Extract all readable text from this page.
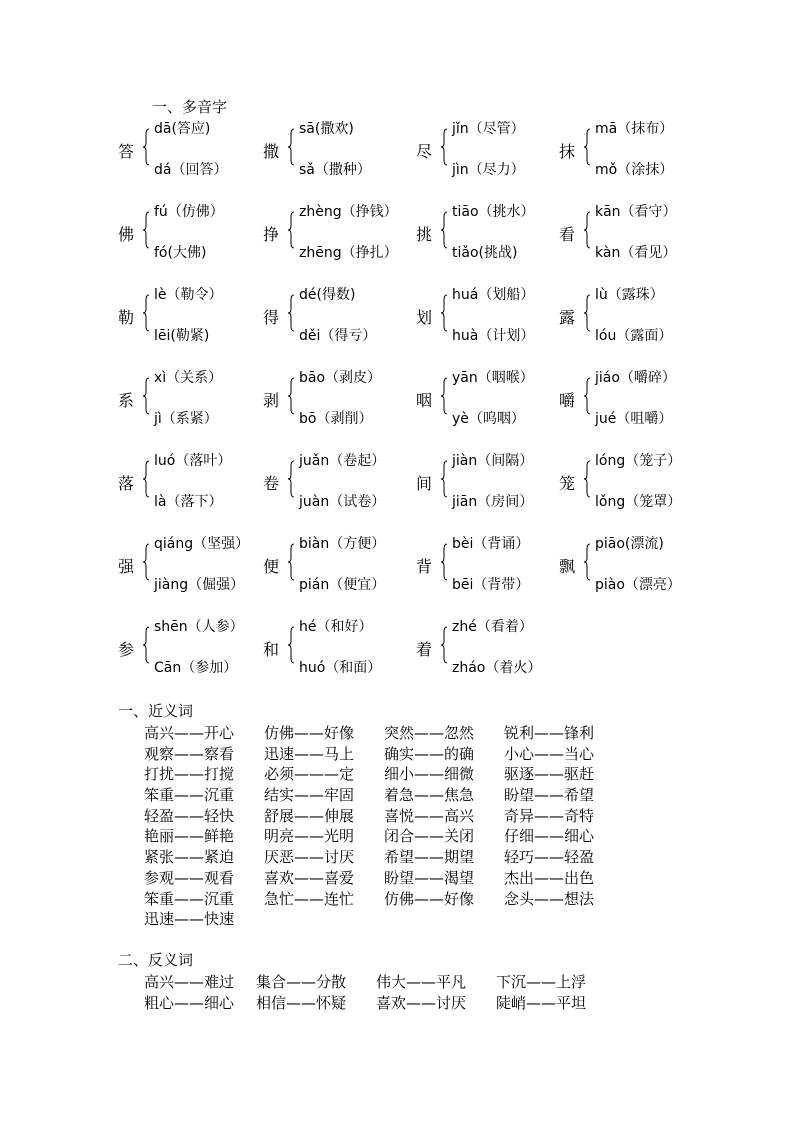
一、多音字
答
dā(答应)
dá（回答）
撒
sā(撒欢)
sǎ（撒种）
尽
jǐn（尽管）
jìn（尽力）
抹
mā（抹布）
mǒ（涂抹）
佛
fú（仿佛）
fó(大佛)
挣
zhèng（挣钱）
zhēng（挣扎）
挑
tiāo（挑水）
tiǎo(挑战)
看
kān（看守）
kàn（看见）
勒
lè（勒令）
lēi(勒紧)
得
dé(得数)
děi（得亏）
划
huá（划船）
huà（计划）
露
lù（露珠）
lóu（露面）
系
xì（关系）
jì（系紧）
剥
bāo（剥皮）
bō（剥削）
咽
yān（咽喉）
yè（呜咽）
嚼
jiáo（嚼碎）
jué（咀嚼）
落
luó（落叶）
là（落下）
卷
juǎn（卷起）
juàn（试卷）
间
jiàn（间隔）
jiān（房间）
笼
lóng（笼子）
lǒng（笼罩）
强
qiáng（坚强）
jiàng（倔强）
便
biàn（方便）
pián（便宜）
背
bèi（背诵）
bēi（背带）
飘
piāo(漂流)
piào（漂亮）
参
shēn（人参）
Cān（参加）
和
hé（和好）
huó（和面）
着
zhé（看着）
zháo（着火）
一、近义词
高兴——开心 仿佛——好像 突然——忽然 锐利——锋利
观察——察看 迅速——马上 确实——的确 小心——当心
打扰——打搅 必须———定 细小——细微 驱逐——驱赶
笨重——沉重 结实——牢固 着急——焦急 盼望——希望
轻盈——轻快 舒展——伸展 喜悦——高兴 奇异——奇特
艳丽——鲜艳 明亮——光明 闭合——关闭 仔细——细心
紧张——紧迫 厌恶——讨厌 希望——期望 轻巧——轻盈
参观——观看 喜欢——喜爱 盼望——渴望 杰出——出色
笨重——沉重 急忙——连忙 仿佛——好像 念头——想法
迅速——快速
二、反义词
高兴——难过 集合——分散 伟大——平凡 下沉——上浮
粗心——细心 相信——怀疑 喜欢——讨厌 陡峭——平坦
